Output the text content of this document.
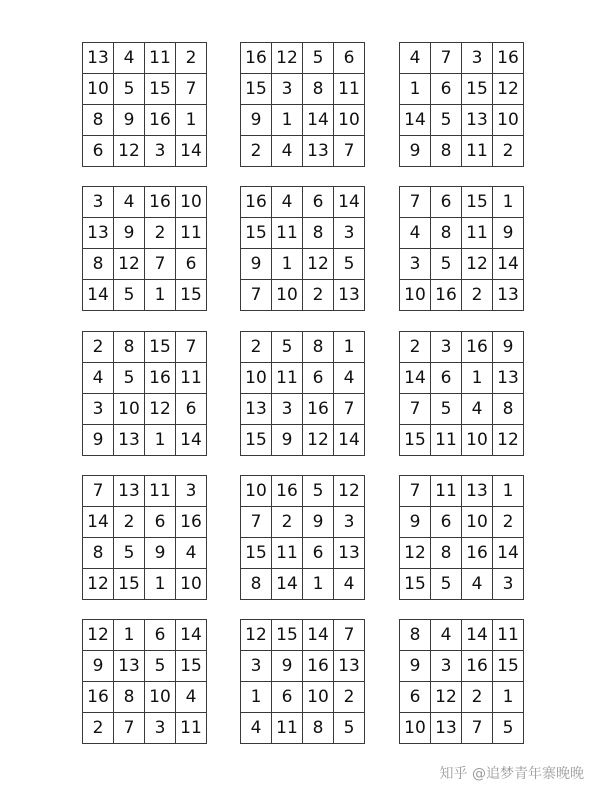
13	4	11	2
10	5	15	7
8	9	16	1
6	12	3	14
16	12	5	6
15	3	8	11
9	1	14	10
2	4	13	7
4	7	3	16
1	6	15	12
14	5	13	10
9	8	11	2
3	4	16	10
13	9	2	11
8	12	7	6
14	5	1	15
16	4	6	14
15	11	8	3
9	1	12	5
7	10	2	13
7	6	15	1
4	8	11	9
3	5	12	14
10	16	2	13
2	8	15	7
4	5	16	11
3	10	12	6
9	13	1	14
2	5	8	1
10	11	6	4
13	3	16	7
15	9	12	14
2	3	16	9
14	6	1	13
7	5	4	8
15	11	10	12
7	13	11	3
14	2	6	16
8	5	9	4
12	15	1	10
10	16	5	12
7	2	9	3
15	11	6	13
8	14	1	4
7	11	13	1
9	6	10	2
12	8	16	14
15	5	4	3
12	1	6	14
9	13	5	15
16	8	10	4
2	7	3	11
12	15	14	7
3	9	16	13
1	6	10	2
4	11	8	5
8	4	14	11
9	3	16	15
6	12	2	1
10	13	7	5
知乎 @追梦青年寨晚晚
